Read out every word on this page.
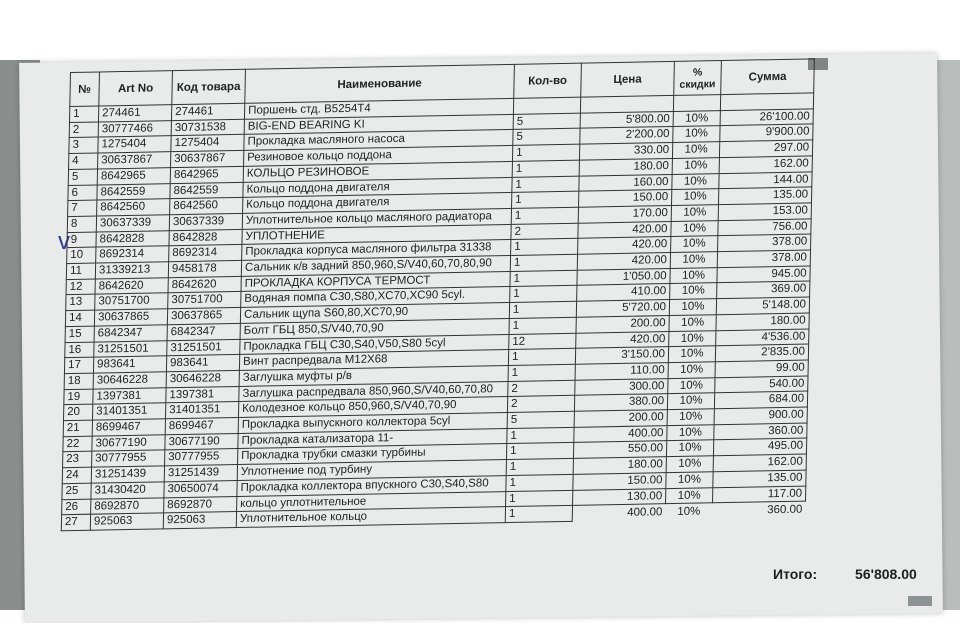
v
№	Art No	Код товара	Наименование	Кол-во	Цена	% скидки	Сумма
1	274461	274461	Поршень стд. B5254T4				
2	30777466	30731538	BIG-END BEARING KI	5	5'800.00	10%	26'100.00
3	1275404	1275404	Прокладка масляного насоса	5	2'200.00	10%	9'900.00
4	30637867	30637867	Резиновое кольцо поддона	1	330.00	10%	297.00
5	8642965	8642965	КОЛЬЦО РЕЗИНОВОЕ	1	180.00	10%	162.00
6	8642559	8642559	Кольцо поддона двигателя	1	160.00	10%	144.00
7	8642560	8642560	Кольцо поддона двигателя	1	150.00	10%	135.00
8	30637339	30637339	Уплотнительное кольцо масляного радиатора	1	170.00	10%	153.00
9	8642828	8642828	УПЛОТНЕНИЕ	2	420.00	10%	756.00
10	8692314	8692314	Прокладка корпуса масляного фильтра 31338	1	420.00	10%	378.00
11	31339213	9458178	Сальник к/в задний 850,960,S/V40,60,70,80,90	1	420.00	10%	378.00
12	8642620	8642620	ПРОКЛАДКА КОРПУСА ТЕРМОСТ	1	1'050.00	10%	945.00
13	30751700	30751700	Водяная помпа C30,S80,XC70,XC90 5cyl.	1	410.00	10%	369.00
14	30637865	30637865	Сальник щупа S60,80,XC70,90	1	5'720.00	10%	5'148.00
15	6842347	6842347	Болт ГБЦ 850,S/V40,70,90	1	200.00	10%	180.00
16	31251501	31251501	Прокладка ГБЦ C30,S40,V50,S80 5cyl	12	420.00	10%	4'536.00
17	983641	983641	Винт распредвала M12X68	1	3'150.00	10%	2'835.00
18	30646228	30646228	Заглушка муфты р/в	1	110.00	10%	99.00
19	1397381	1397381	Заглушка распредвала 850,960,S/V40,60,70,80	2	300.00	10%	540.00
20	31401351	31401351	Колодезное кольцо 850,960,S/V40,70,90	2	380.00	10%	684.00
21	8699467	8699467	Прокладка выпускного коллектора 5cyl	5	200.00	10%	900.00
22	30677190	30677190	Прокладка катализатора 11-	1	400.00	10%	360.00
23	30777955	30777955	Прокладка трубки смазки турбины	1	550.00	10%	495.00
24	31251439	31251439	Уплотнение под турбину	1	180.00	10%	162.00
25	31430420	30650074	Прокладка коллектора впускного C30,S40,S80	1	150.00	10%	135.00
26	8692870	8692870	кольцо уплотнительное	1	130.00	10%	117.00
27	925063	925063	Уплотнительное кольцо	1	400.00	10%	360.00
Итого:	56'808.00
